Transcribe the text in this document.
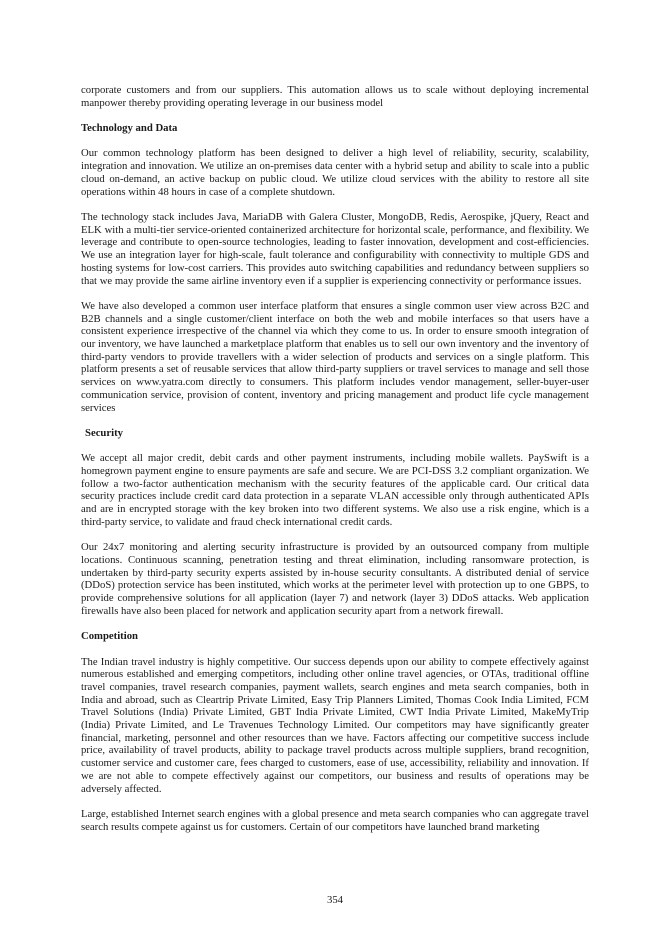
corporate customers and from our suppliers. This automation allows us to scale without deploying incremental manpower thereby providing operating leverage in our business model

Technology and Data

Our common technology platform has been designed to deliver a high level of reliability, security, scalability, integration and innovation. We utilize an on-premises data center with a hybrid setup and ability to scale into a public cloud on-demand, an active backup on public cloud. We utilize cloud services with the ability to restore all site operations within 48 hours in case of a complete shutdown.

The technology stack includes Java, MariaDB with Galera Cluster, MongoDB, Redis, Aerospike, jQuery, React and ELK with a multi-tier service-oriented containerized architecture for horizontal scale, performance, and flexibility. We leverage and contribute to open-source technologies, leading to faster innovation, development and cost-efficiencies. We use an integration layer for high-scale, fault tolerance and configurability with connectivity to multiple GDS and hosting systems for low-cost carriers. This provides auto switching capabilities and redundancy between suppliers so that we may provide the same airline inventory even if a supplier is experiencing connectivity or performance issues.

We have also developed a common user interface platform that ensures a single common user view across B2C and B2B channels and a single customer/client interface on both the web and mobile interfaces so that users have a consistent experience irrespective of the channel via which they come to us. In order to ensure smooth integration of our inventory, we have launched a marketplace platform that enables us to sell our own inventory and the inventory of third-party vendors to provide travellers with a wider selection of products and services on a single platform. This platform presents a set of reusable services that allow third-party suppliers or travel services to manage and sell those services on www.yatra.com directly to consumers. This platform includes vendor management, seller-buyer-user communication service, provision of content, inventory and pricing management and product life cycle management services

Security

We accept all major credit, debit cards and other payment instruments, including mobile wallets. PaySwift is a homegrown payment engine to ensure payments are safe and secure. We are PCI-DSS 3.2 compliant organization. We follow a two-factor authentication mechanism with the security features of the applicable card. Our critical data security practices include credit card data protection in a separate VLAN accessible only through authenticated APIs and are in encrypted storage with the key broken into two different systems. We also use a risk engine, which is a third-party service, to validate and fraud check international credit cards.

Our 24x7 monitoring and alerting security infrastructure is provided by an outsourced company from multiple locations. Continuous scanning, penetration testing and threat elimination, including ransomware protection, is undertaken by third-party security experts assisted by in-house security consultants. A distributed denial of service (DDoS) protection service has been instituted, which works at the perimeter level with protection up to one GBPS, to provide comprehensive solutions for all application (layer 7) and network (layer 3) DDoS attacks. Web application firewalls have also been placed for network and application security apart from a network firewall.

Competition

The Indian travel industry is highly competitive. Our success depends upon our ability to compete effectively against numerous established and emerging competitors, including other online travel agencies, or OTAs, traditional offline travel companies, travel research companies, payment wallets, search engines and meta search companies, both in India and abroad, such as Cleartrip Private Limited, Easy Trip Planners Limited, Thomas Cook India Limited, FCM Travel Solutions (India) Private Limited, GBT India Private Limited, CWT India Private Limited, MakeMyTrip (India) Private Limited, and Le Travenues Technology Limited. Our competitors may have significantly greater financial, marketing, personnel and other resources than we have. Factors affecting our competitive success include price, availability of travel products, ability to package travel products across multiple suppliers, brand recognition, customer service and customer care, fees charged to customers, ease of use, accessibility, reliability and innovation. If we are not able to compete effectively against our competitors, our business and results of operations may be adversely affected.

Large, established Internet search engines with a global presence and meta search companies who can aggregate travel search results compete against us for customers. Certain of our competitors have launched brand marketing

354
